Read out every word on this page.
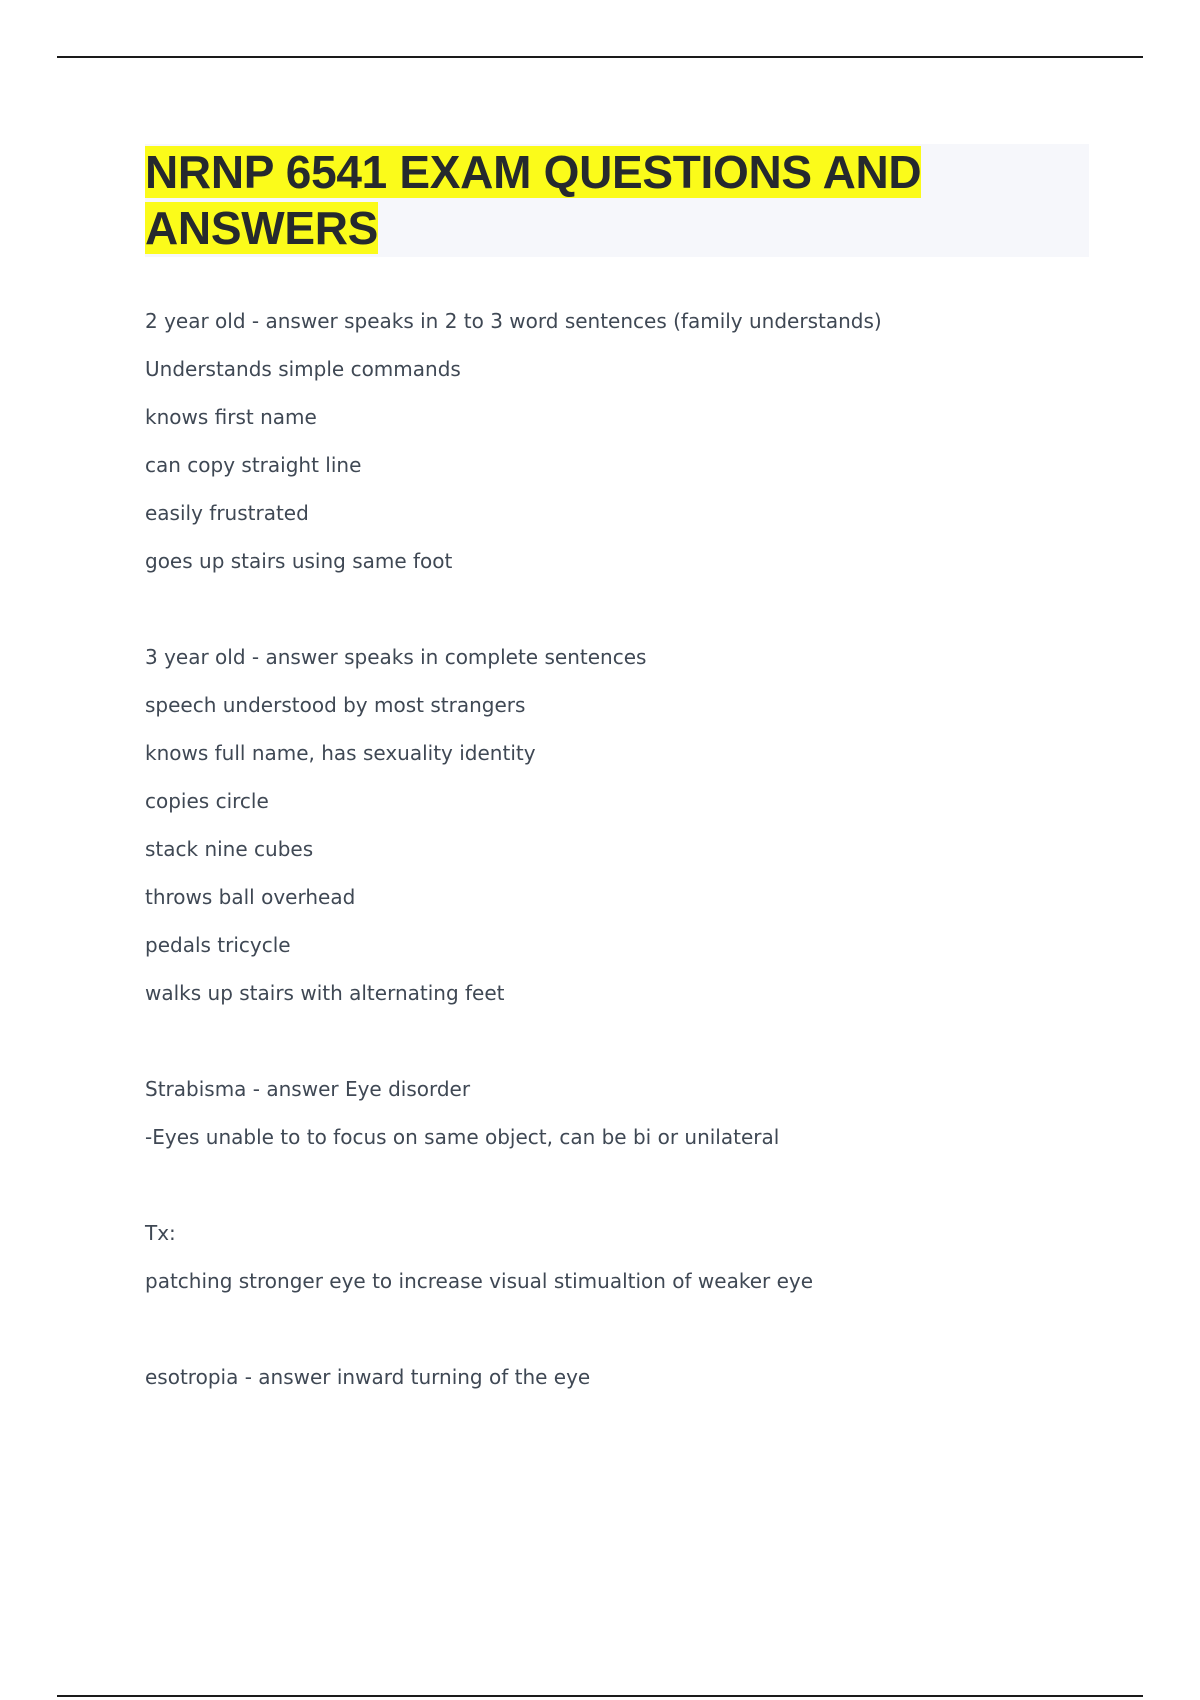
NRNP 6541 EXAM QUESTIONS AND
ANSWERS
2 year old - answer speaks in 2 to 3 word sentences (family understands)
Understands simple commands
knows first name
can copy straight line
easily frustrated
goes up stairs using same foot
3 year old - answer speaks in complete sentences
speech understood by most strangers
knows full name, has sexuality identity
copies circle
stack nine cubes
throws ball overhead
pedals tricycle
walks up stairs with alternating feet
Strabisma - answer Eye disorder
-Eyes unable to to focus on same object, can be bi or unilateral
Tx:
patching stronger eye to increase visual stimualtion of weaker eye
esotropia - answer inward turning of the eye
